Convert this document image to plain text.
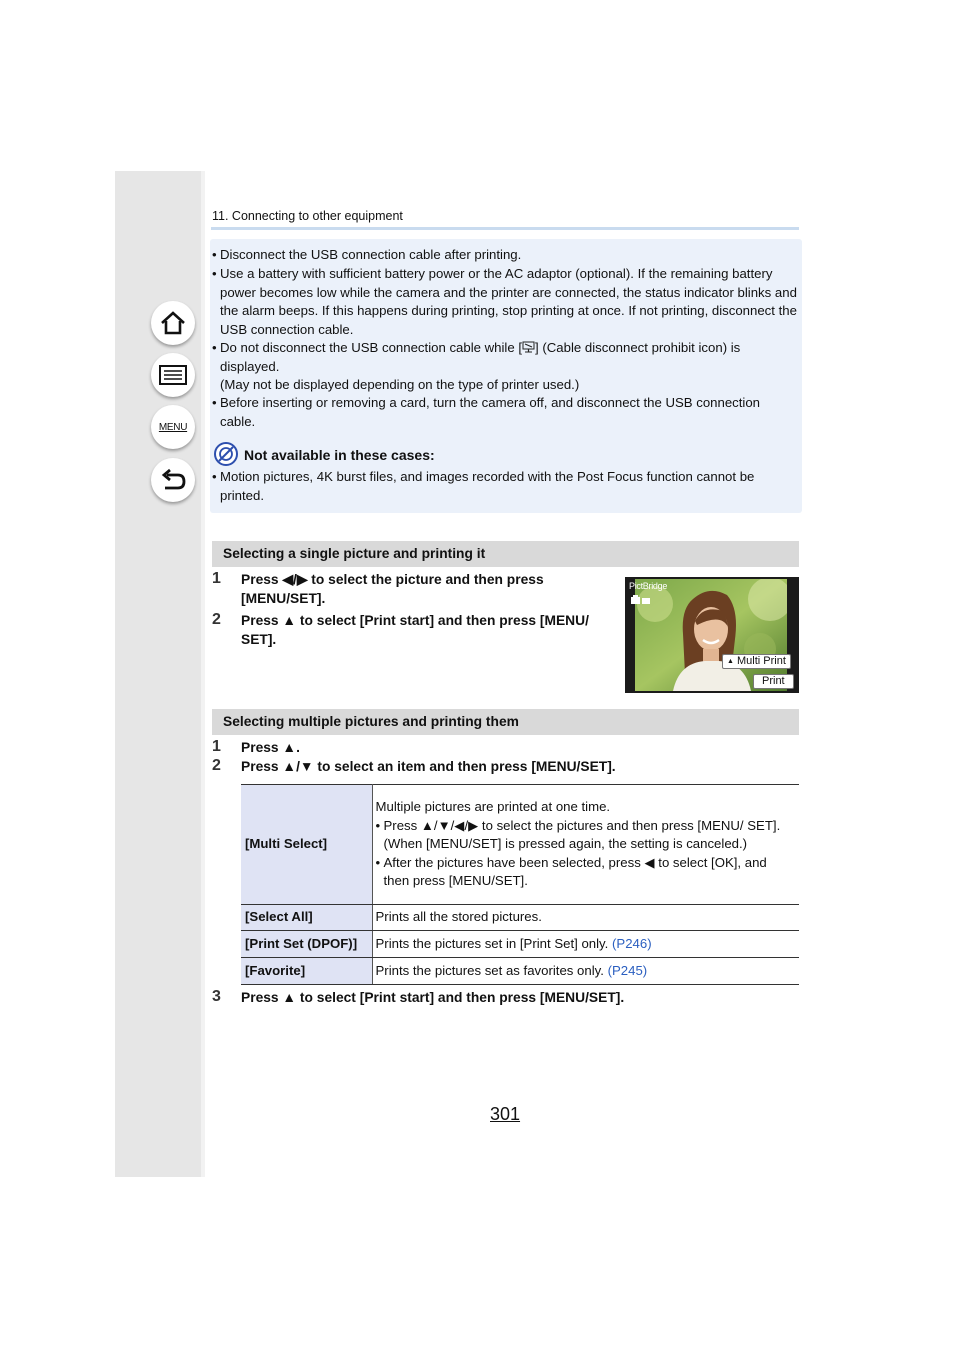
MENU
11. Connecting to other equipment
• Disconnect the USB connection cable after printing.
• Use a battery with sufficient battery power or the AC adaptor (optional). If the remaining battery power becomes low while the camera and the printer are connected, the status indicator blinks and the alarm beeps. If this happens during printing, stop printing at once. If not printing, disconnect the USB connection cable.
• Do not disconnect the USB connection cable while [ ] (Cable disconnect prohibit icon) is displayed.
(May not be displayed depending on the type of printer used.)
• Before inserting or removing a card, turn the camera off, and disconnect the USB connection cable.
Not available in these cases:
• Motion pictures, 4K burst files, and images recorded with the Post Focus function cannot be printed.
Selecting a single picture and printing it
1 Press ◀/▶ to select the picture and then press [MENU/SET].
2 Press ▲ to select [Print start] and then press [MENU/ SET].
PictBridge
▲ Multi Print
Print
Selecting multiple pictures and printing them
1 Press ▲.
2 Press ▲/▼ to select an item and then press [MENU/SET].
[Multi Select]	Multiple pictures are printed at one time.
• Press ▲/▼/◀/▶ to select the pictures and then press [MENU/ SET].
(When [MENU/SET] is pressed again, the setting is canceled.)
• After the pictures have been selected, press ◀ to select [OK], and then press [MENU/SET].

[Select All]	Prints all the stored pictures.
[Print Set (DPOF)]	Prints the pictures set in [Print Set] only. (P246)
[Favorite]	Prints the pictures set as favorites only. (P245)
3 Press ▲ to select [Print start] and then press [MENU/SET].
301
